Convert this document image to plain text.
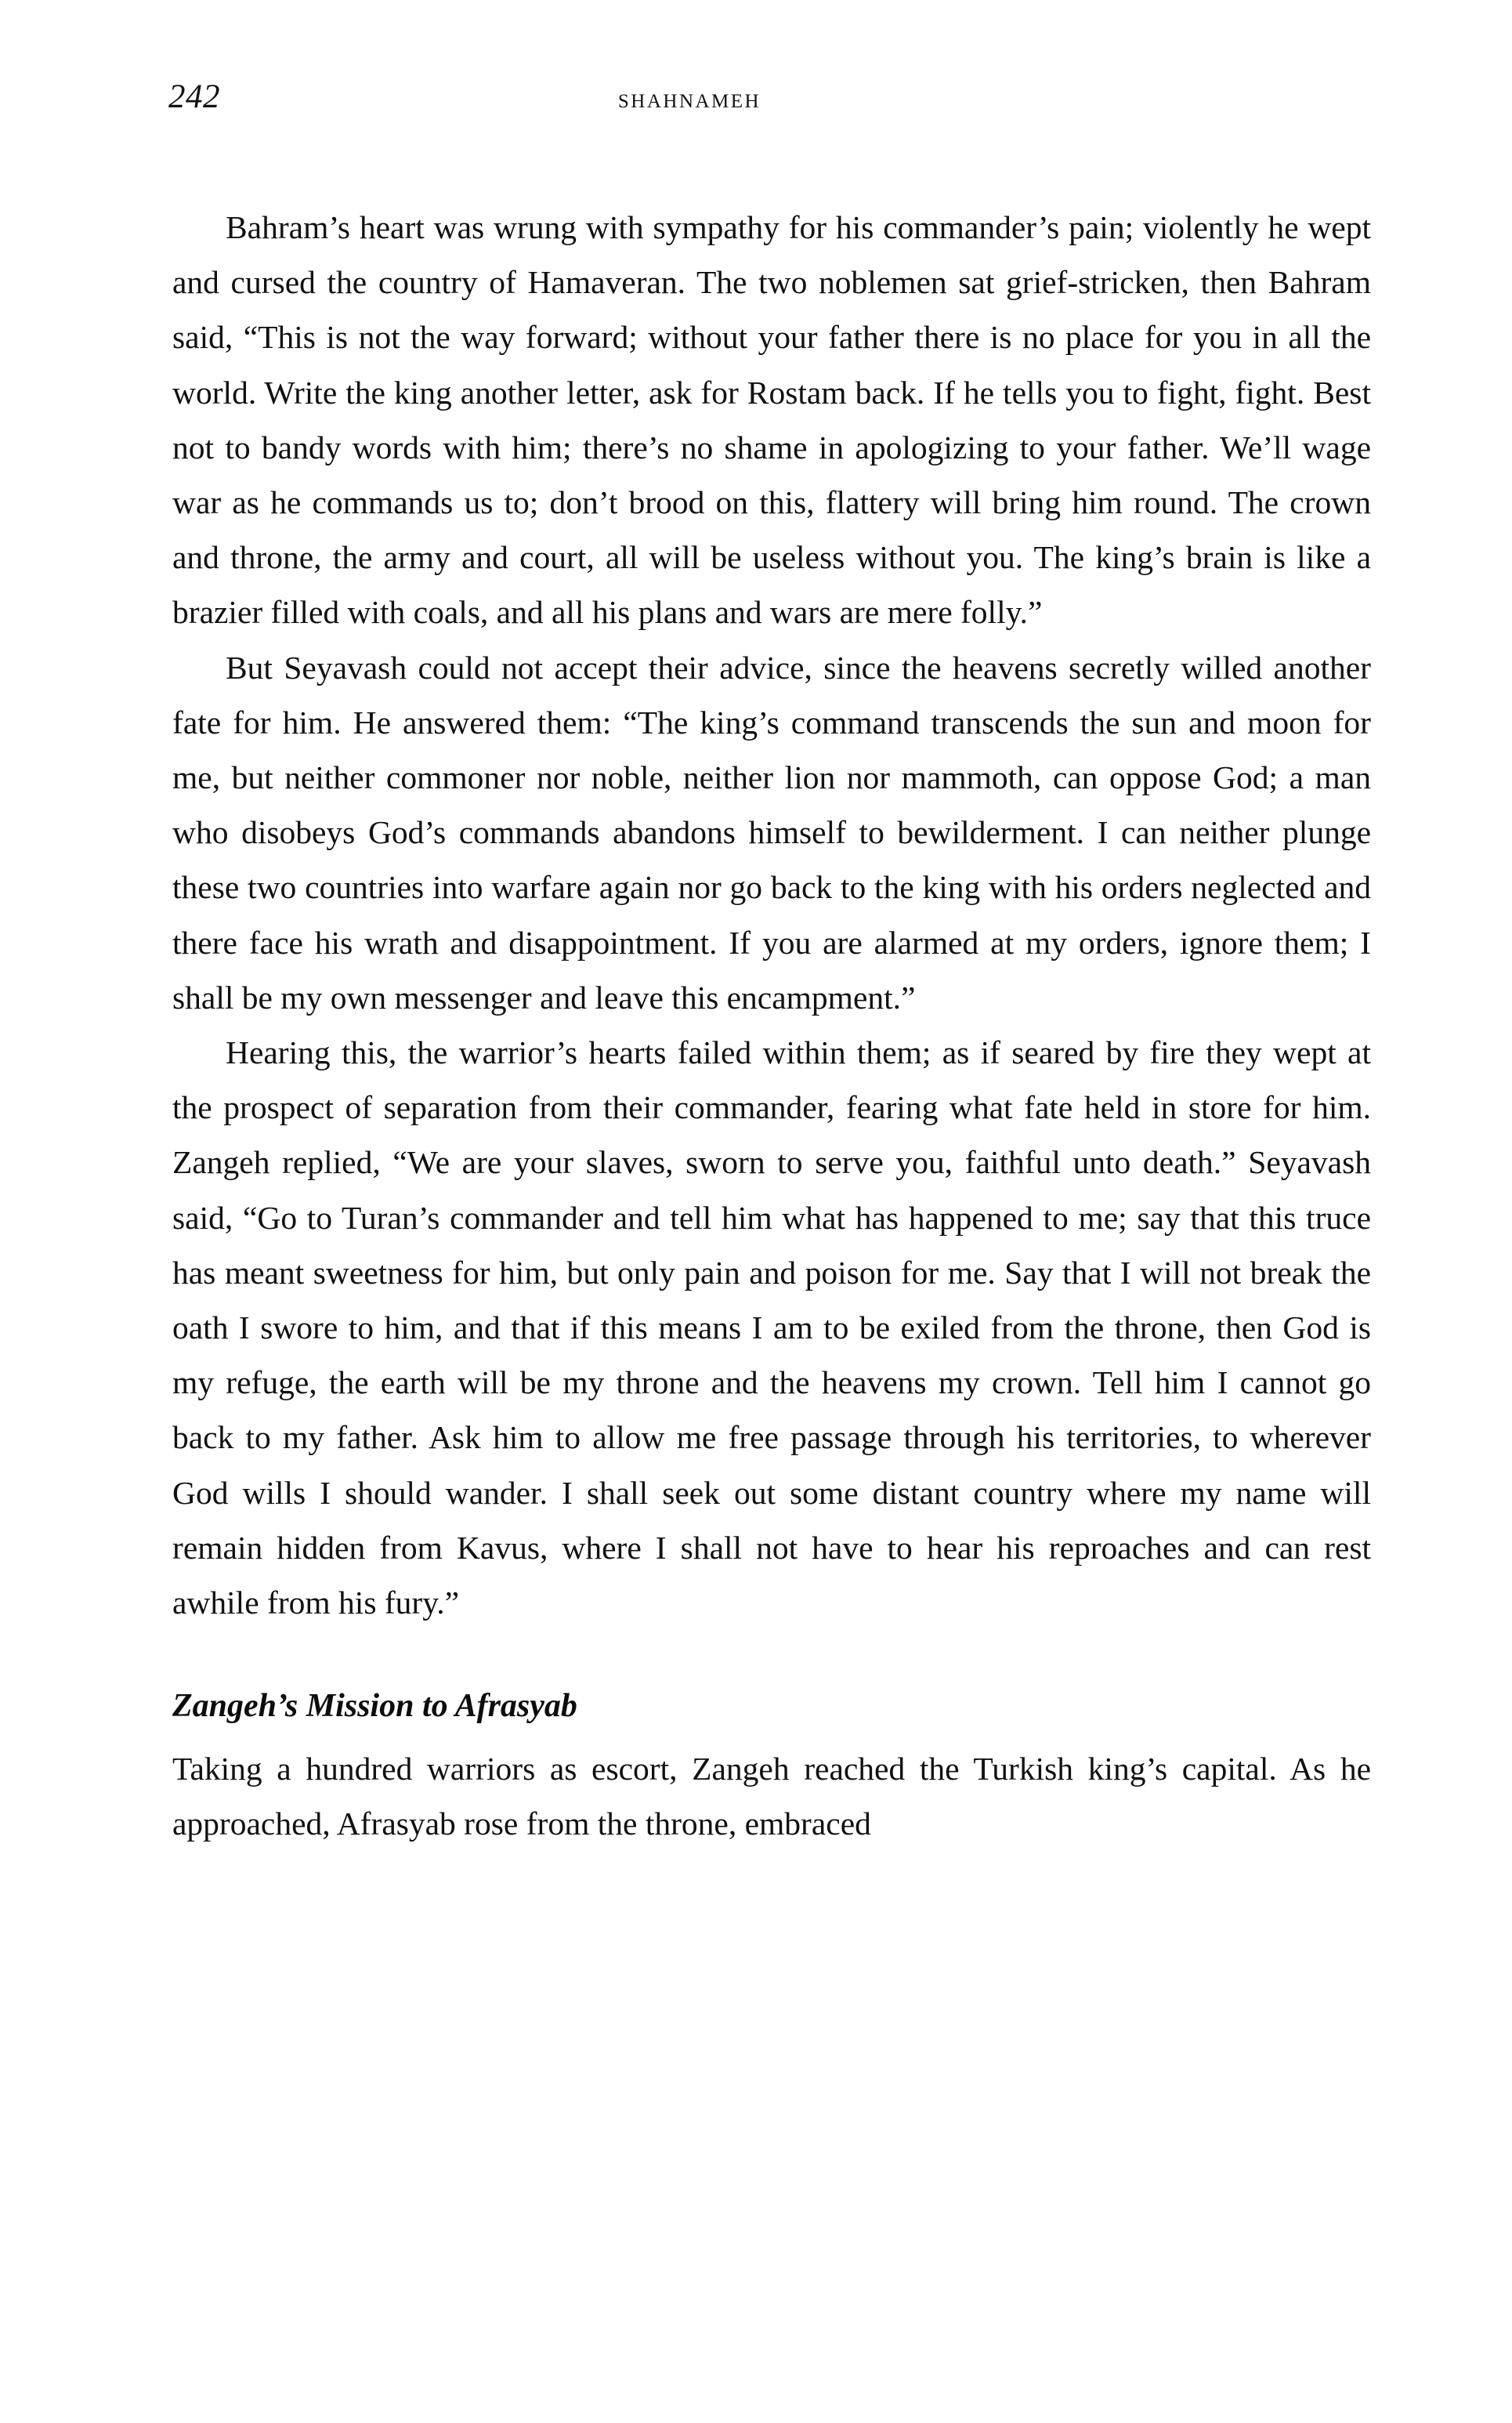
242	shahnameh

Bahram’s heart was wrung with sympathy for his commander’s pain; violently he wept and cursed the country of Hamaveran. The two noblemen sat grief-stricken, then Bahram said, “This is not the way forward; without your father there is no place for you in all the world. Write the king another letter, ask for Rostam back. If he tells you to fight, fight. Best not to bandy words with him; there’s no shame in apologizing to your father. We’ll wage war as he commands us to; don’t brood on this, flattery will bring him round. The crown and throne, the army and court, all will be useless without you. The king’s brain is like a brazier filled with coals, and all his plans and wars are mere folly.”

But Seyavash could not accept their advice, since the heavens secretly willed another fate for him. He answered them: “The king’s command transcends the sun and moon for me, but neither commoner nor noble, neither lion nor mammoth, can oppose God; a man who disobeys God’s commands abandons himself to bewilderment. I can neither plunge these two countries into warfare again nor go back to the king with his orders neglected and there face his wrath and disappointment. If you are alarmed at my orders, ignore them; I shall be my own messenger and leave this encampment.”

Hearing this, the warrior’s hearts failed within them; as if seared by fire they wept at the prospect of separation from their commander, fearing what fate held in store for him. Zangeh replied, “We are your slaves, sworn to serve you, faithful unto death.” Seyavash said, “Go to Turan’s commander and tell him what has happened to me; say that this truce has meant sweetness for him, but only pain and poison for me. Say that I will not break the oath I swore to him, and that if this means I am to be exiled from the throne, then God is my refuge, the earth will be my throne and the heavens my crown. Tell him I cannot go back to my father. Ask him to allow me free passage through his territories, to wherever God wills I should wander. I shall seek out some distant country where my name will remain hidden from Kavus, where I shall not have to hear his reproaches and can rest awhile from his fury.”

Zangeh’s Mission to Afrasyab

Taking a hundred warriors as escort, Zangeh reached the Turkish king’s capital. As he approached, Afrasyab rose from the throne, embraced
